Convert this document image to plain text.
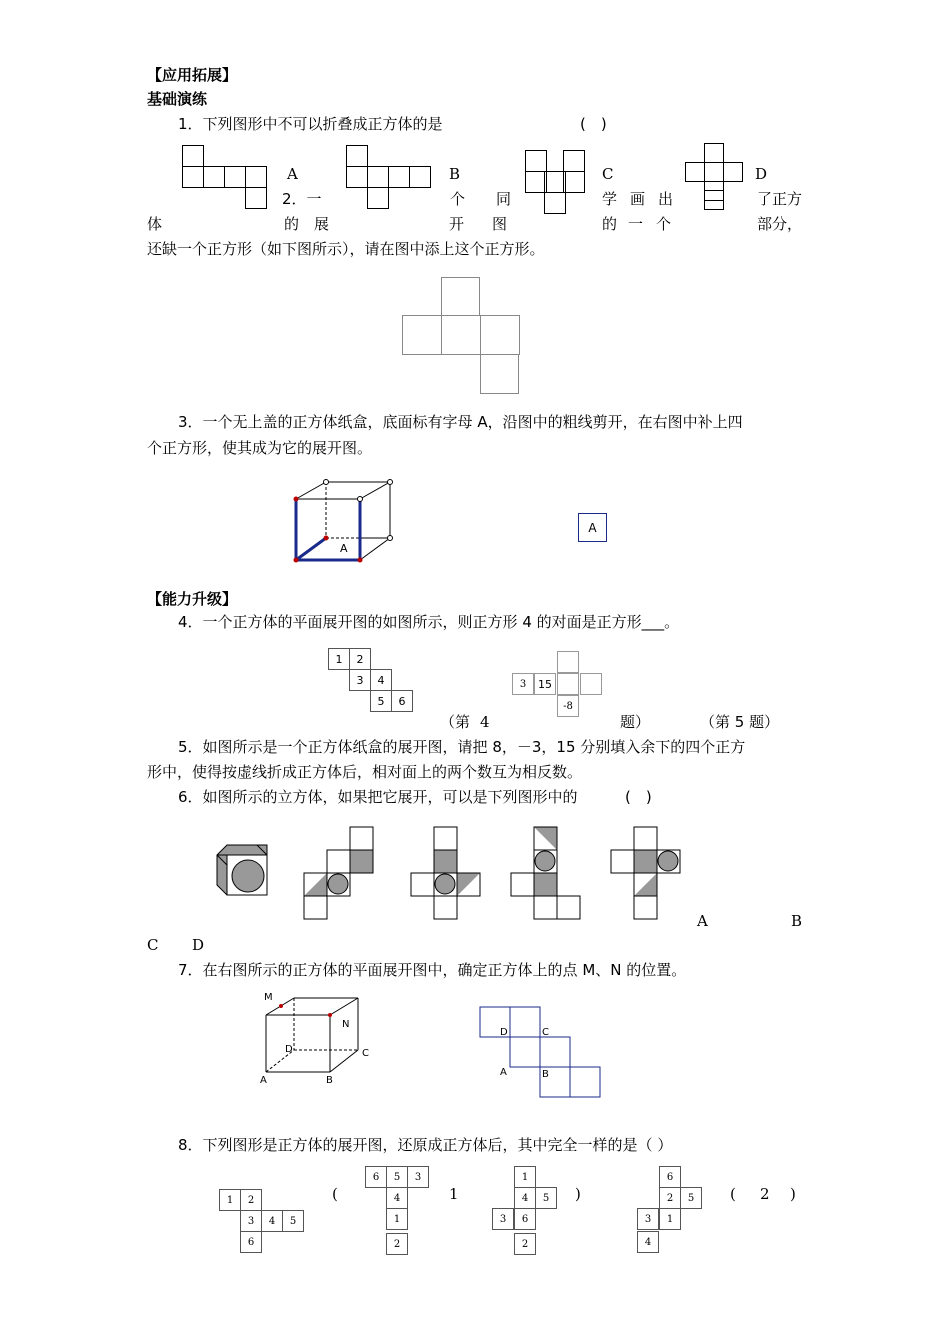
【应用拓展】
基础演练
1．下列图形中不可以折叠成正方体的是	(　)
A	B	C	D
2．一	个 同	学 画 出	了正方
体	的 展	开 图	的 一 个	部分，
还缺一个正方形（如下图所示），请在图中添上这个正方形。
3．一个无上盖的正方体纸盒，底面标有字母 A，沿图中的粗线剪开，在右图中补上四
个正方形，使其成为它的展开图。
A
A
【能力升级】
4．一个正方体的平面展开图的如图所示，则正方形 4 的对面是正方形___。
1	2
3	4
5	6
3	15
-8
（第 4	题）	（第 5 题）
5．如图所示是一个正方体纸盒的展开图，请把 8，－3，15 分别填入余下的四个正方
形中，使得按虚线折成正方体后，相对面上的两个数互为相反数。
6．如图所示的立方体，如果把它展开，可以是下列图形中的	(　)
A	B
C D
7．在右图所示的正方体的平面展开图中，确定正方体上的点 M、N 的位置。
M
N
D	C
A	B
D	C
A	B
8．下列图形是正方体的展开图，还原成正方体后，其中完全一样的是（ ）
1	2
3	4	5
6
(
6	5	3
4
1
2
1
1
4	5
3	6
2
)
6
2	5
3	1
4
( 2 )
